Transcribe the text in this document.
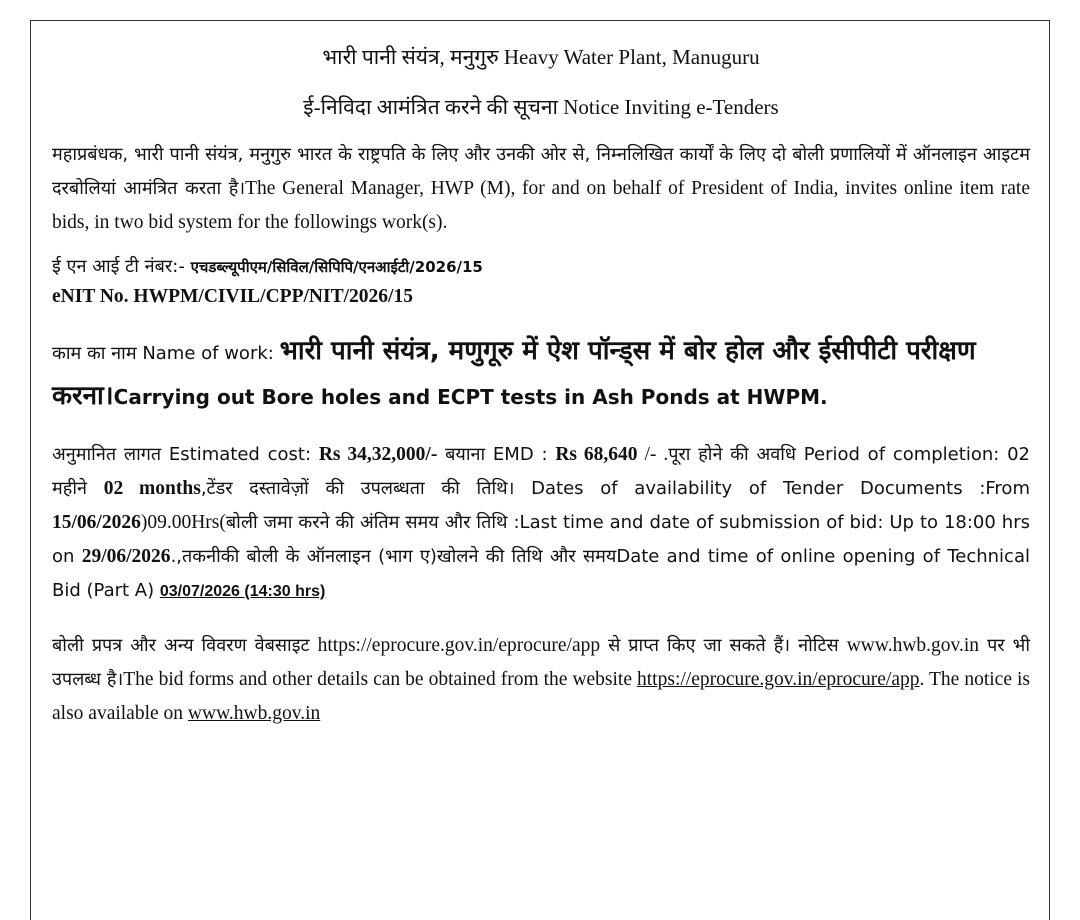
भारी पानी संयंत्र, मनुगुरु Heavy Water Plant, Manuguru
ई-निविदा आमंत्रित करने की सूचना Notice Inviting e-Tenders

महाप्रबंधक, भारी पानी संयंत्र, मनुगुरु भारत के राष्ट्रपति के लिए और उनकी ओर से, निम्नलिखित कार्यों के लिए दो बोली प्रणालियों में ऑनलाइन आइटम दरबोलियां आमंत्रित करता है।The General Manager, HWP (M), for and on behalf of President of India, invites online item rate bids, in two bid system for the followings work(s).

ई एन आई टी नंबर:- एचडब्ल्यूपीएम/सिविल/सिपिपि/एनआईटी/2026/15
eNIT No. HWPM/CIVIL/CPP/NIT/2026/15
काम का नाम Name of work: भारी पानी संयंत्र, मणुगूरु में ऐश पॉन्ड्स में बोर होल और ईसीपीटी परीक्षण करना।Carrying out Bore holes and ECPT tests in Ash Ponds at HWPM.

अनुमानित लागत Estimated cost: Rs 34,32,000/- बयाना EMD : Rs 68,640 /- .पूरा होने की अवधि Period of completion: 02 महीने 02 months,टेंडर दस्तावेज़ों की उपलब्धता की तिथि। Dates of availability of Tender Documents :From 15/06/2026)09.00Hrs(बोली जमा करने की अंतिम समय और तिथि :Last time and date of submission of bid: Up to 18:00 hrs on 29/06/2026.,तकनीकी बोली के ऑनलाइन (भाग ए)खोलने की तिथि और समयDate and time of online opening of Technical Bid (Part A) 03/07/2026 (14:30 hrs)

बोली प्रपत्र और अन्य विवरण वेबसाइट https://eprocure.gov.in/eprocure/app से प्राप्त किए जा सकते हैं। नोटिस www.hwb.gov.in पर भी उपलब्ध है।The bid forms and other details can be obtained from the website https://eprocure.gov.in/eprocure/app. The notice is also available on www.hwb.gov.in
